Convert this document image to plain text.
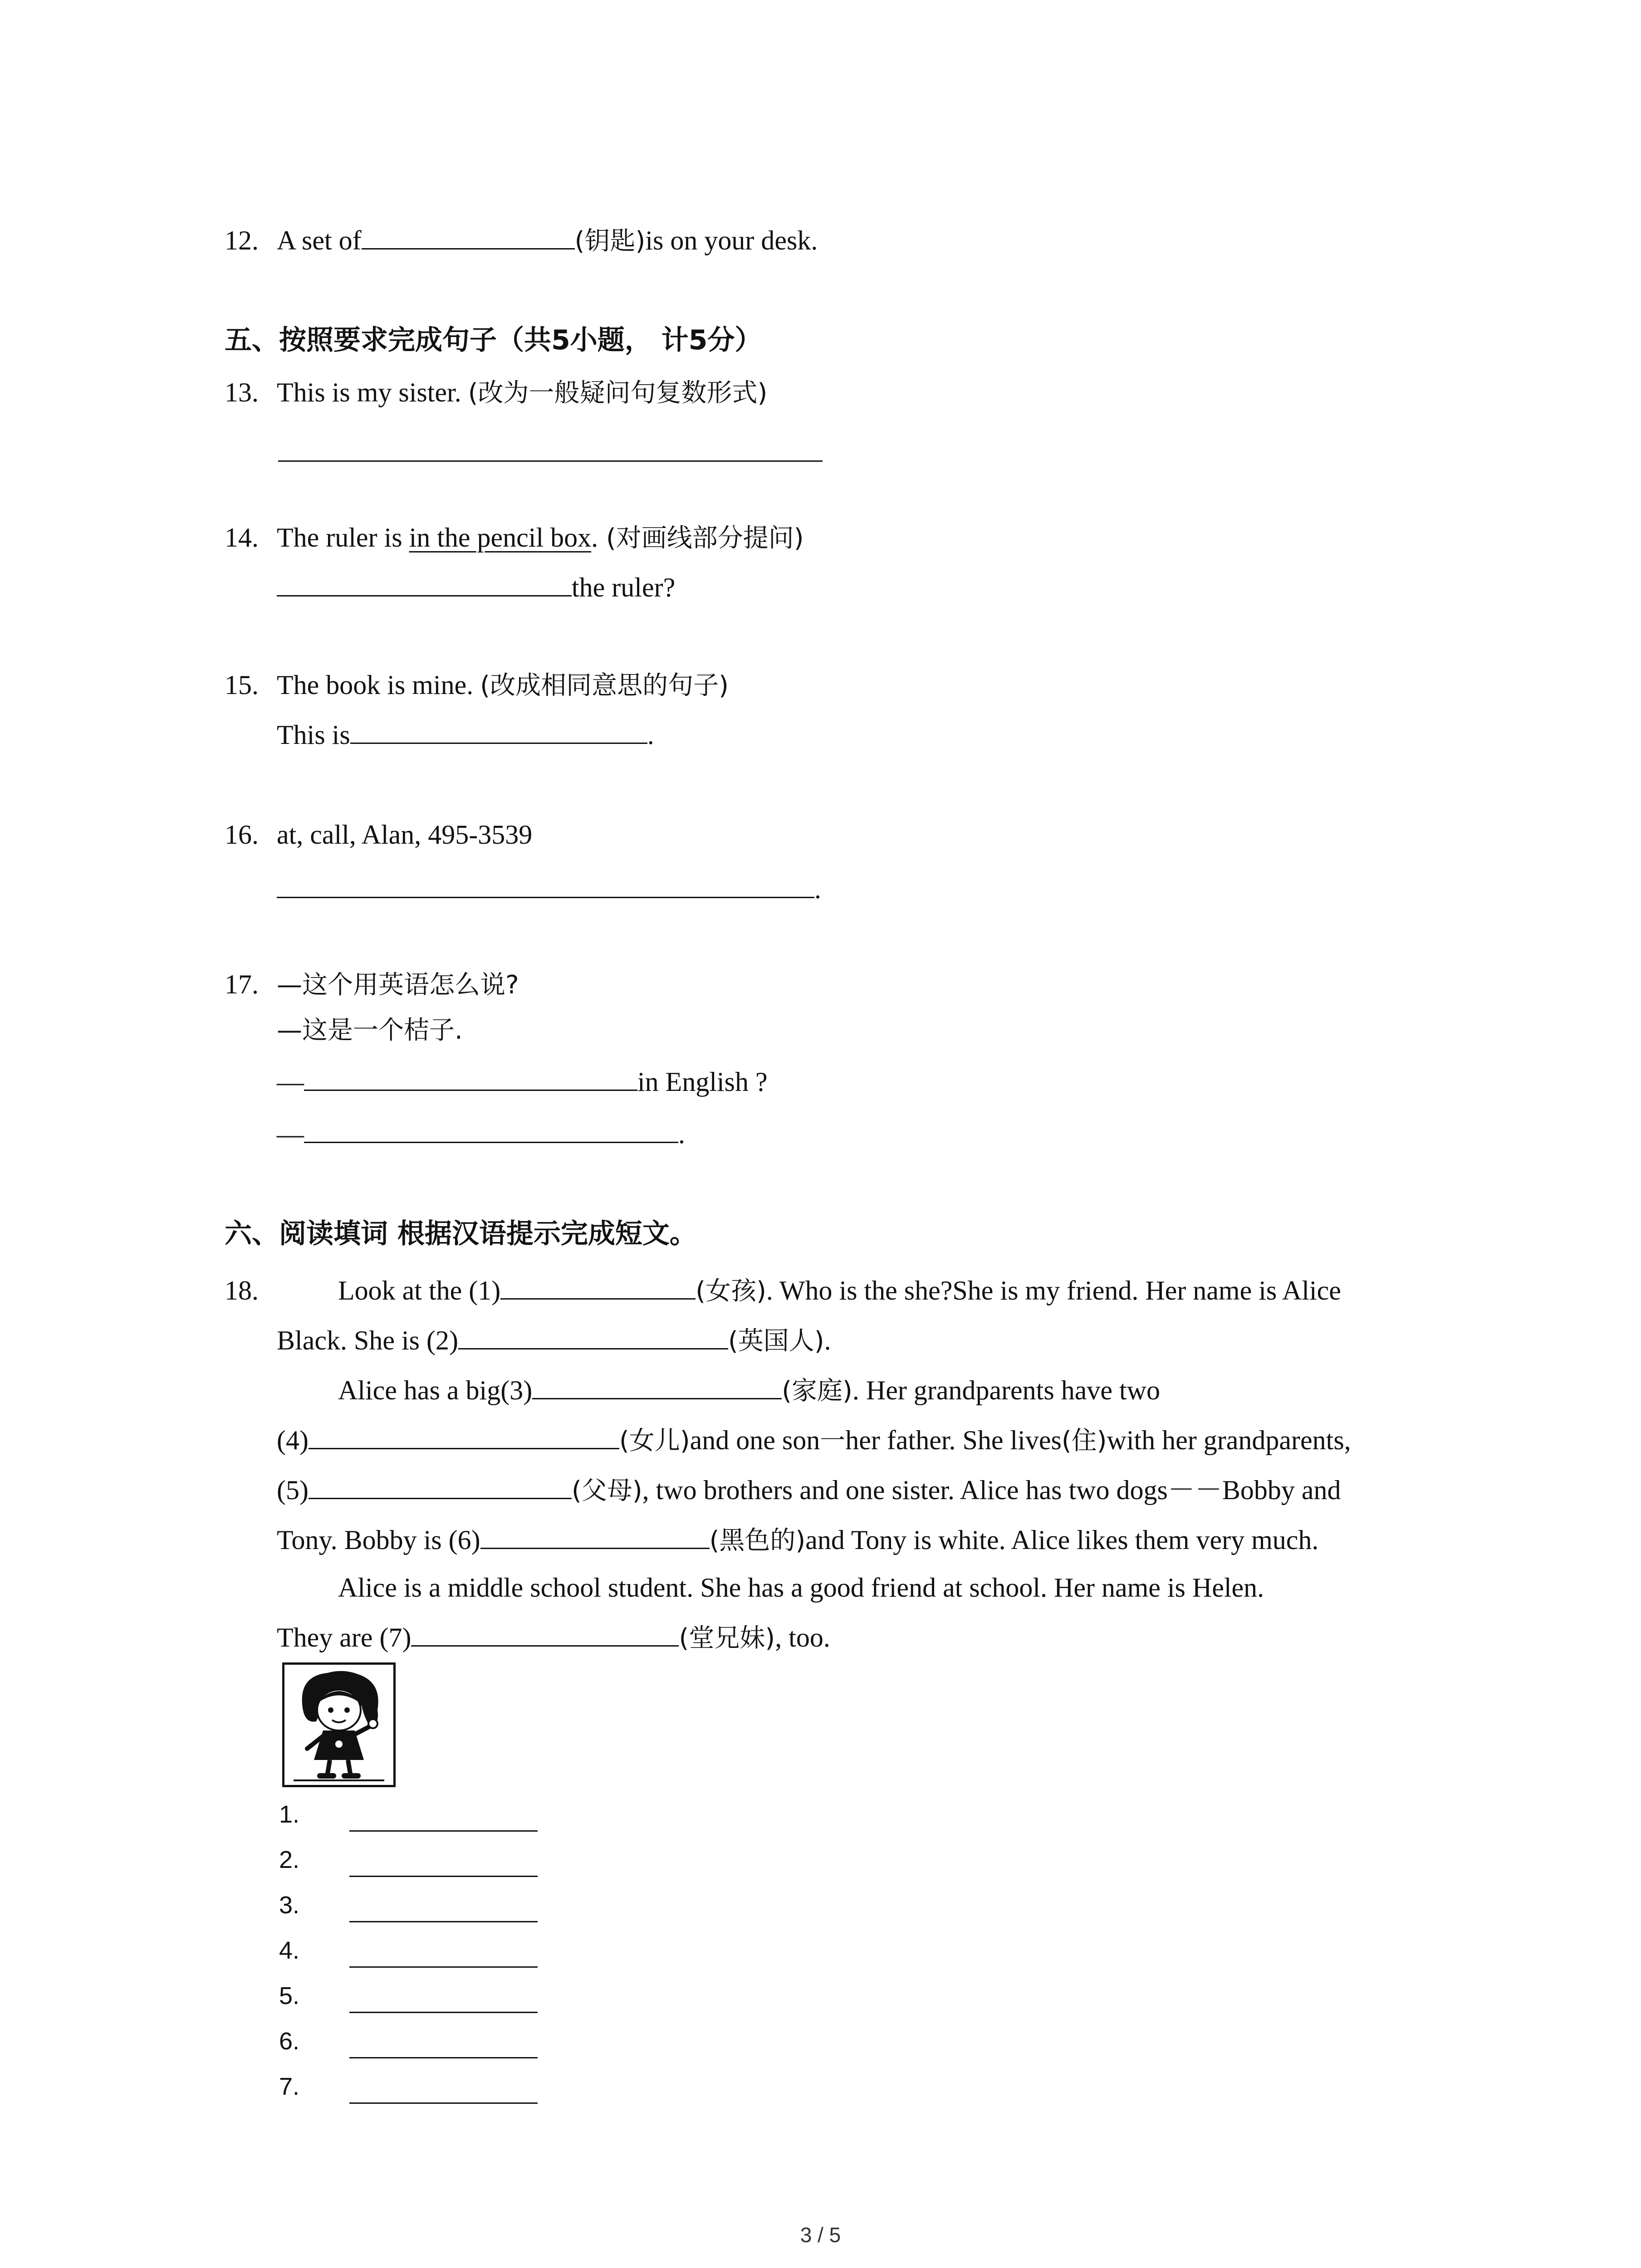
12. A set of	(钥匙)is on your desk.
五、按照要求完成句子（共5小题， 计5分）
13. This is my sister. (改为一般疑问句复数形式)
14. The ruler is in the pencil box. (对画线部分提问)
the ruler?
15. The book is mine. (改成相同意思的句子)
This is	.
16. at, call, Alan, 495-3539
.
17. —这个用英语怎么说?
—这是一个桔子.
—	in English ?
—	.
六、阅读填词 根据汉语提示完成短文。
18.	Look at the (1)	(女孩). Who is the she?She is my friend. Her name is Alice
Black. She is (2)	(英国人).
Alice has a big(3)	(家庭). Her grandparents have two
(4)	(女儿)and one son一her father. She lives(住)with her grandparents,
(5)	(父母), two brothers and one sister. Alice has two dogs－－Bobby and
Tony. Bobby is (6)	(黑色的)and Tony is white. Alice likes them very much.
Alice is a middle school student. She has a good friend at school. Her name is Helen.
They are (7)	(堂兄妹), too.
1.
2.
3.
4.
5.
6.
7.
3 / 5
